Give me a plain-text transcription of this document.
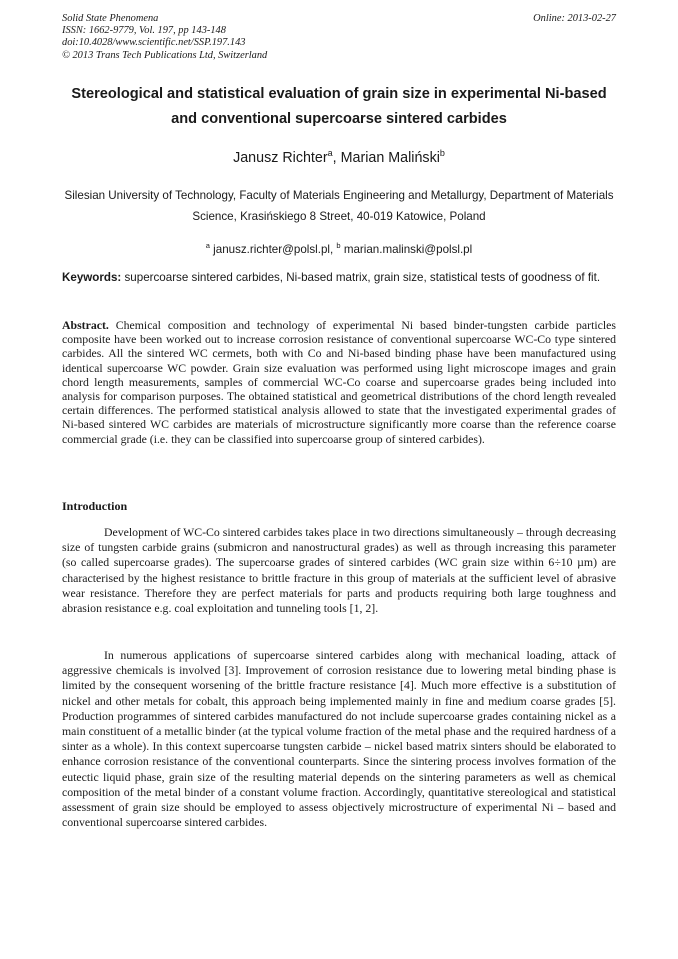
Solid State Phenomena
ISSN: 1662-9779, Vol. 197, pp 143-148
doi:10.4028/www.scientific.net/SSP.197.143
© 2013 Trans Tech Publications Ltd, Switzerland
Online: 2013-02-27
Stereological and statistical evaluation of grain size in experimental Ni-based and conventional supercoarse sintered carbides
Janusz Richter$^a$, Marian Maliński$^b$
Silesian University of Technology, Faculty of Materials Engineering and Metallurgy, Department of Materials Science, Krasińskiego 8 Street, 40-019 Katowice, Poland
$^a$ janusz.richter@polsl.pl, $^b$ marian.malinski@polsl.pl
Keywords: supercoarse sintered carbides, Ni-based matrix, grain size, statistical tests of goodness of fit.
Abstract. Chemical composition and technology of experimental Ni based binder-tungsten carbide particles composite have been worked out to increase corrosion resistance of conventional supercoarse WC-Co type sintered carbides. All the sintered WC cermets, both with Co and Ni-based binding phase have been manufactured using identical supercoarse WC powder. Grain size evaluation was performed using light microscope images and grain chord length measurements, samples of commercial WC-Co coarse and supercoarse grades being included into analysis for comparison purposes. The obtained statistical and geometrical distributions of the chord length revealed certain differences. The performed statistical analysis allowed to state that the investigated experimental grades of Ni-based sintered WC carbides are materials of microstructure significantly more coarse than the reference coarse commercial grade (i.e. they can be classified into supercoarse group of sintered carbides).
Introduction
Development of WC-Co sintered carbides takes place in two directions simultaneously – through decreasing size of tungsten carbide grains (submicron and nanostructural grades) as well as through increasing this parameter (so called supercoarse grades). The supercoarse grades of sintered carbides (WC grain size within 6÷10 µm) are characterised by the highest resistance to brittle fracture in this group of materials at the sufficient level of abrasive wear resistance. Therefore they are perfect materials for parts and products requiring both large toughness and abrasion resistance e.g. coal exploitation and tunneling tools [1, 2].
In numerous applications of supercoarse sintered carbides along with mechanical loading, attack of aggressive chemicals is involved [3]. Improvement of corrosion resistance due to lowering metal binding phase is limited by the consequent worsening of the brittle fracture resistance [4]. Much more effective is a substitution of nickel and other metals for cobalt, this approach being implemented mainly in fine and medium coarse grades [5]. Production programmes of sintered carbides manufactured do not include supercoarse grades containing nickel as a main constituent of a metallic binder (at the typical volume fraction of the metal phase and the required hardness of a sinter as a whole). In this context supercoarse tungsten carbide – nickel based matrix sinters should be elaborated to enhance corrosion resistance of the conventional counterparts. Since the sintering process involves formation of the eutectic liquid phase, grain size of the resulting material depends on the sintering parameters as well as chemical composition of the metal binder of a constant volume fraction. Accordingly, quantitative stereological and statistical assessment of grain size should be employed to assess objectively microstructure of experimental Ni – based and conventional supercoarse sintered carbides.
